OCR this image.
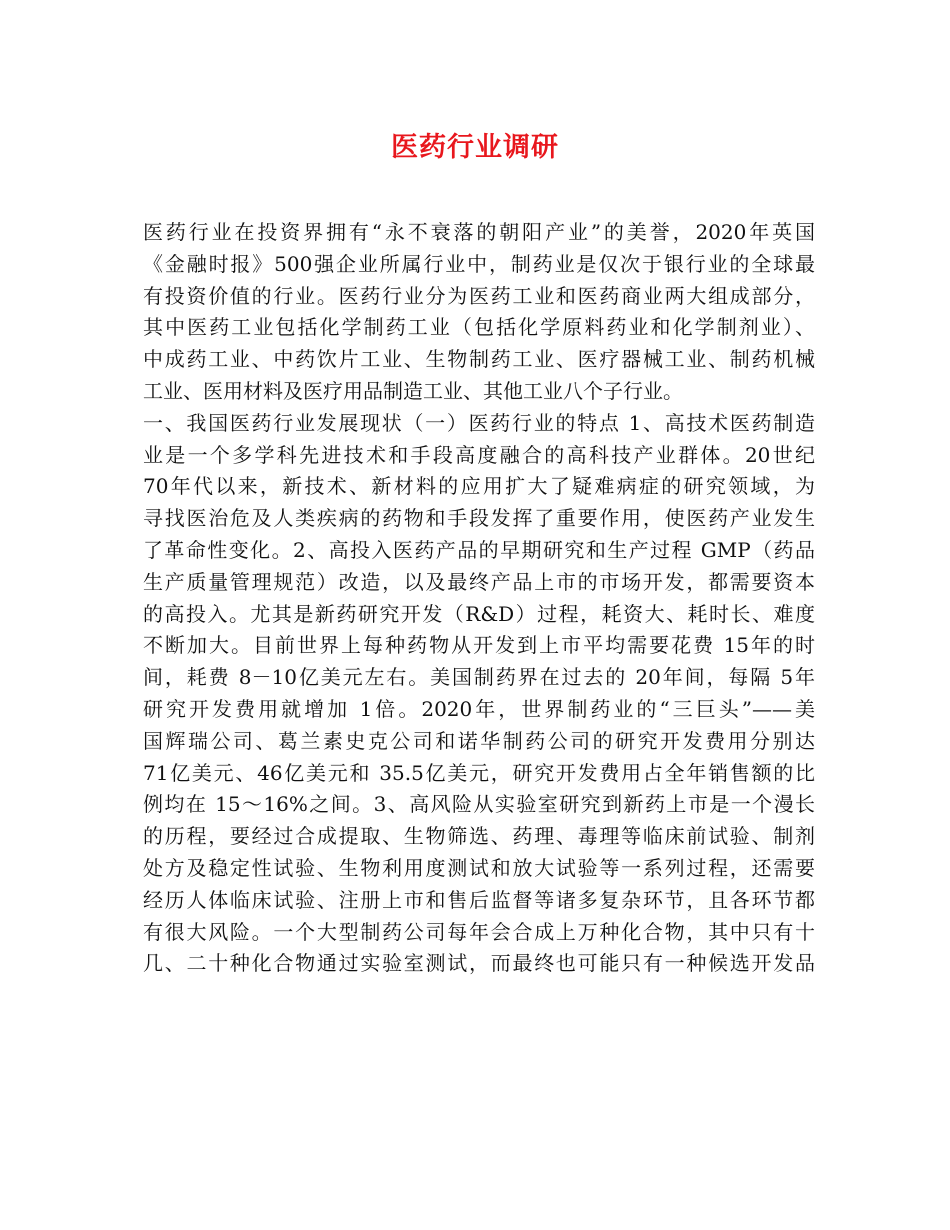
医药行业调研
医药行业在投资界拥有“永不衰落的朝阳产业”的美誉，2020年英国
《金融时报》500强企业所属行业中，制药业是仅次于银行业的全球最
有投资价值的行业。医药行业分为医药工业和医药商业两大组成部分，
其中医药工业包括化学制药工业（包括化学原料药业和化学制剂业）、
中成药工业、中药饮片工业、生物制药工业、医疗器械工业、制药机械
工业、医用材料及医疗用品制造工业、其他工业八个子行业。
一、我国医药行业发展现状（一）医药行业的特点 1、高技术医药制造
业是一个多学科先进技术和手段高度融合的高科技产业群体。20世纪
70年代以来，新技术、新材料的应用扩大了疑难病症的研究领域，为
寻找医治危及人类疾病的药物和手段发挥了重要作用，使医药产业发生
了革命性变化。2、高投入医药产品的早期研究和生产过程 GMP（药品
生产质量管理规范）改造，以及最终产品上市的市场开发，都需要资本
的高投入。尤其是新药研究开发（R&D）过程，耗资大、耗时长、难度
不断加大。目前世界上每种药物从开发到上市平均需要花费 15年的时
间，耗费 8－10亿美元左右。美国制药界在过去的 20年间，每隔 5年
研究开发费用就增加 1倍。2020年，世界制药业的“三巨头”——美
国辉瑞公司、葛兰素史克公司和诺华制药公司的研究开发费用分别达
71亿美元、46亿美元和 35.5亿美元，研究开发费用占全年销售额的比
例均在 15～16%之间。3、高风险从实验室研究到新药上市是一个漫长
的历程，要经过合成提取、生物筛选、药理、毒理等临床前试验、制剂
处方及稳定性试验、生物利用度测试和放大试验等一系列过程，还需要
经历人体临床试验、注册上市和售后监督等诸多复杂环节，且各环节都
有很大风险。一个大型制药公司每年会合成上万种化合物，其中只有十
几、二十种化合物通过实验室测试，而最终也可能只有一种候选开发品
